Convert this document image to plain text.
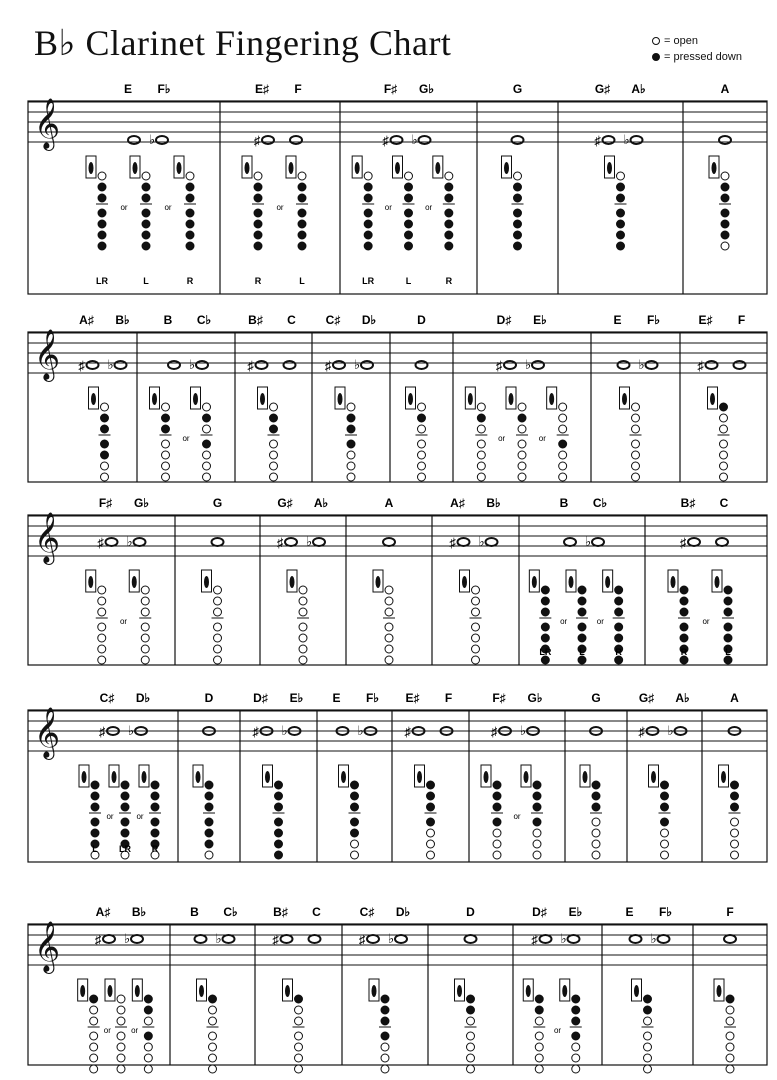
B♭ Clarinet Fingering Chart	= open
= pressed down
𝄞
E F♭
♭
LR
or
L
or
R
E♯ F
♯
R
or
L
F♯ G♭
♯ ♭
LR
or
L
or
R
G	G♯ A♭
♯ ♭
A
𝄞
A♯ B♭
♯ ♭
B C♭
♭
or
B♯ C
♯
C♯ D♭
♯ ♭
D	D♯ E♭
♯ ♭
or	or
E F♭
♭
E♯ F
♯
𝄞
F♯ G♭
♯ ♭
or
G	G♯ A♭
♯ ♭
A	A♯ B♭
♯ ♭
B C♭
♭
LR
or
L
or
R
B♯ C
♯
R
or
L
𝄞
C♯ D♭
♯ ♭
L
or
LR
or
R
D	D♯ E♭
♯ ♭
E F♭
♭
E♯ F
♯
F♯ G♭
♯ ♭
or
G	G♯ A♭
♯ ♭
A
𝄞
A♯ B♭
♯ ♭
or	or
B C♭
♭
B♯ C
♯
C♯ D♭
♯ ♭
D	D♯ E♭
♯ ♭
or
E F♭
♭
F
